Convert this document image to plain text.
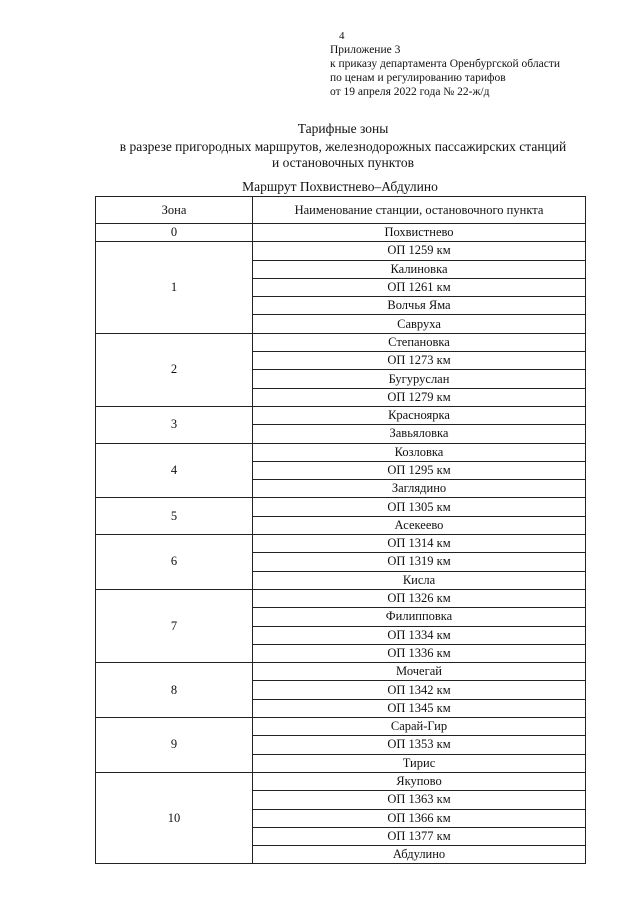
4
Приложение 3
к приказу департамента Оренбургской области
по ценам и регулированию тарифов
от 19 апреля 2022 года № 22-ж/д
Тарифные зоны
в разрезе пригородных маршрутов, железнодорожных пассажирских станций
и остановочных пунктов
Маршрут Похвистнево–Абдулино
Зона	Наименование станции, остановочного пункта
0	Похвистнево
1	ОП 1259 км
	Калиновка
	ОП 1261 км
	Волчья Яма
	Савруха
2	Степановка
	ОП 1273 км
	Бугуруслан
	ОП 1279 км
3	Красноярка
	Завьяловка
4	Козловка
	ОП 1295 км
	Заглядино
5	ОП 1305 км
	Асекеево
6	ОП 1314 км
	ОП 1319 км
	Кисла
7	ОП 1326 км
	Филипповка
	ОП 1334 км
	ОП 1336 км
8	Мочегай
	ОП 1342 км
	ОП 1345 км
9	Сарай-Гир
	ОП 1353 км
	Тирис
10	Якупово
	ОП 1363 км
	ОП 1366 км
	ОП 1377 км
	Абдулино
